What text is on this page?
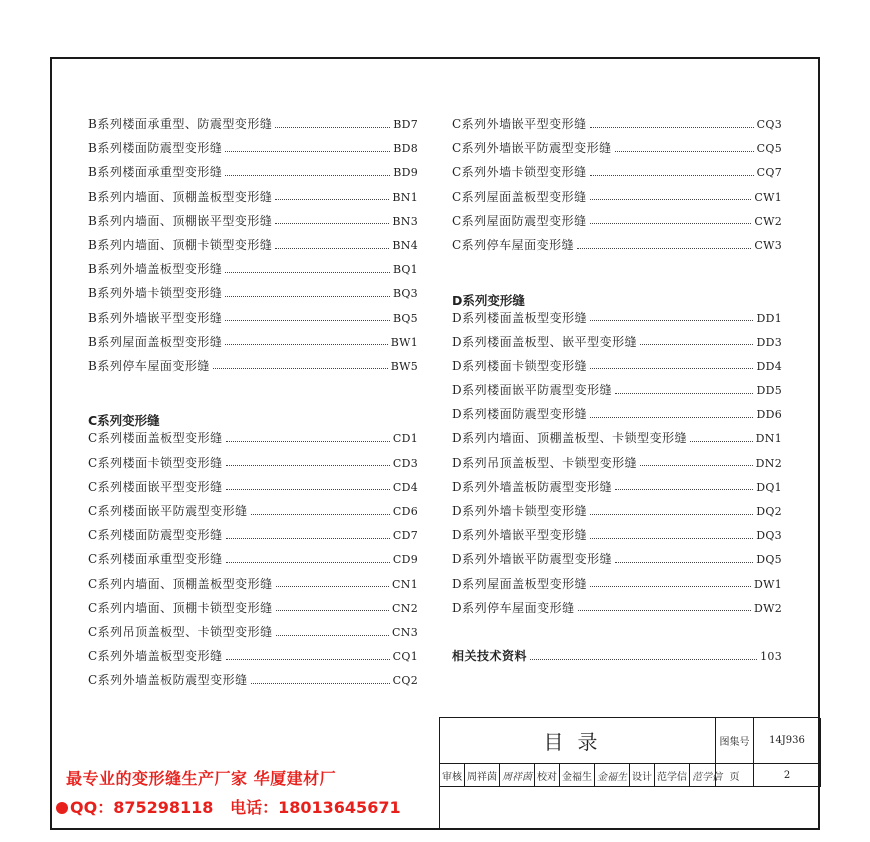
B系列楼面承重型、防震型变形缝	BD7
B系列楼面防震型变形缝	BD8
B系列楼面承重型变形缝	BD9
B系列内墙面、顶棚盖板型变形缝	BN1
B系列内墙面、顶棚嵌平型变形缝	BN3
B系列内墙面、顶棚卡锁型变形缝	BN4
B系列外墙盖板型变形缝	BQ1
B系列外墙卡锁型变形缝	BQ3
B系列外墙嵌平型变形缝	BQ5
B系列屋面盖板型变形缝	BW1
B系列停车屋面变形缝	BW5
C系列变形缝
C系列楼面盖板型变形缝	CD1
C系列楼面卡锁型变形缝	CD3
C系列楼面嵌平型变形缝	CD4
C系列楼面嵌平防震型变形缝	CD6
C系列楼面防震型变形缝	CD7
C系列楼面承重型变形缝	CD9
C系列内墙面、顶棚盖板型变形缝	CN1
C系列内墙面、顶棚卡锁型变形缝	CN2
C系列吊顶盖板型、卡锁型变形缝	CN3
C系列外墙盖板型变形缝	CQ1
C系列外墙盖板防震型变形缝	CQ2
C系列外墙嵌平型变形缝	CQ3
C系列外墙嵌平防震型变形缝	CQ5
C系列外墙卡锁型变形缝	CQ7
C系列屋面盖板型变形缝	CW1
C系列屋面防震型变形缝	CW2
C系列停车屋面变形缝	CW3
D系列变形缝
D系列楼面盖板型变形缝	DD1
D系列楼面盖板型、嵌平型变形缝	DD3
D系列楼面卡锁型变形缝	DD4
D系列楼面嵌平防震型变形缝	DD5
D系列楼面防震型变形缝	DD6
D系列内墙面、顶棚盖板型、卡锁型变形缝	DN1
D系列吊顶盖板型、卡锁型变形缝	DN2
D系列外墙盖板防震型变形缝	DQ1
D系列外墙卡锁型变形缝	DQ2
D系列外墙嵌平型变形缝	DQ3
D系列外墙嵌平防震型变形缝	DQ5
D系列屋面盖板型变形缝	DW1
D系列停车屋面变形缝	DW2
相关技术资料	103
目录	图集号	14J936
审核 周祥茵 周祥茵 校对 金福生 金福生 设计 范学信 范学信 页	2
最专业的变形缝生产厂家 华厦建材厂
QQ：875298118 电话：18013645671
